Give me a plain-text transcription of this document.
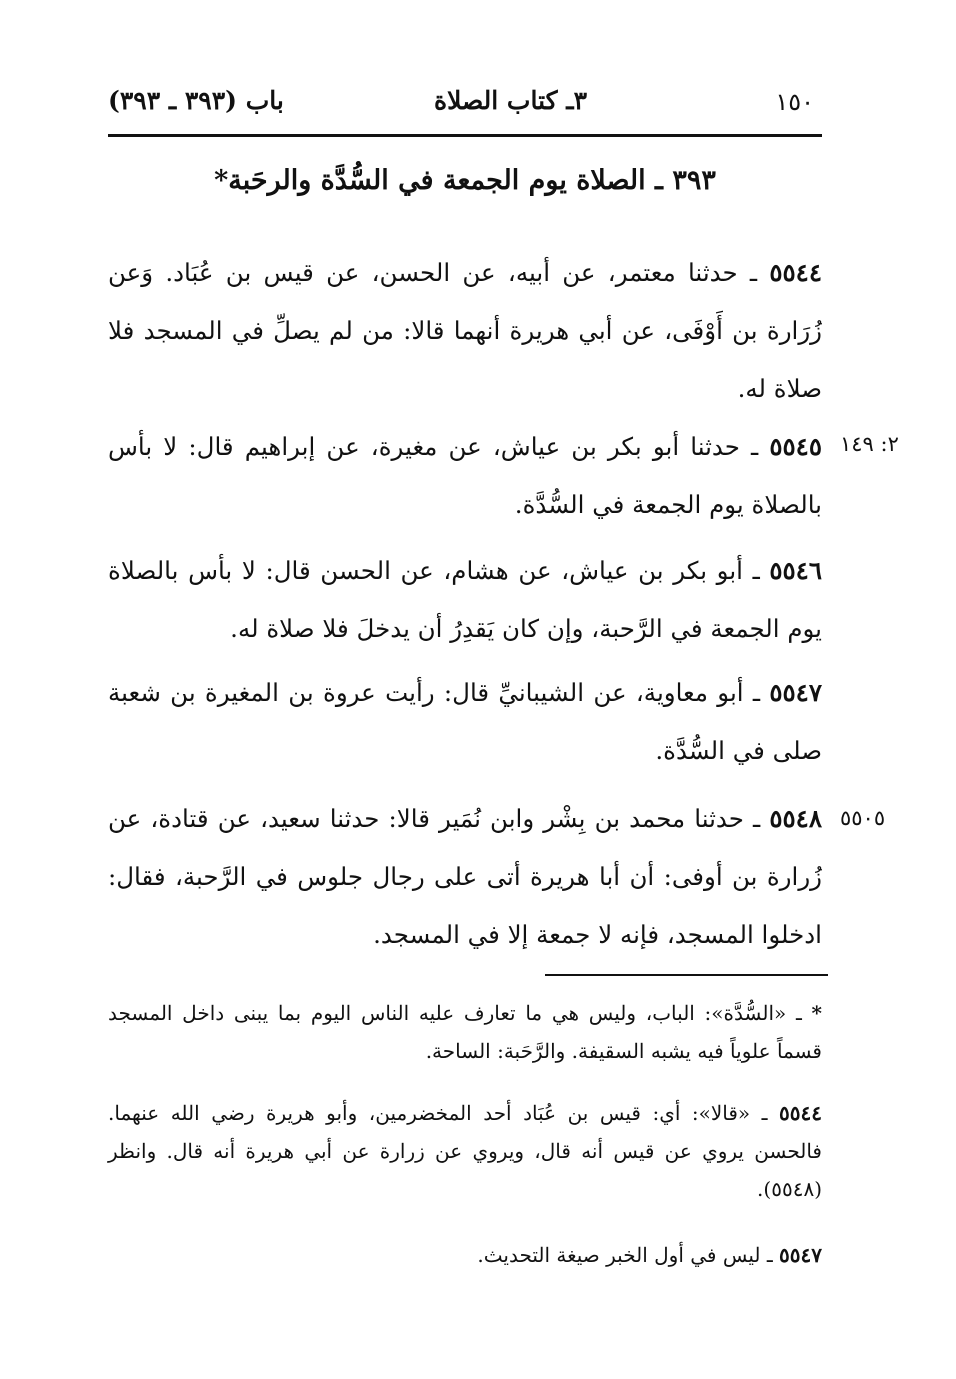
١٥٠
٣ـ كتاب الصلاة
باب (٣٩٣ ـ ٣٩٣)
٣٩٣ ـ الصلاة يوم الجمعة في السُّدَّة والرحَبة*
٥٥٤٤ ـ حدثنا معتمر، عن أبيه، عن الحسن، عن قيس بن عُبَاد. وَعن زُرَارة بن أَوْفَى، عن أبي هريرة أنهما قالا: من لم يصلِّ في المسجد فلا صلاة له.
٢: ١٤٩
٥٥٤٥ ـ حدثنا أبو بكر بن عياش، عن مغيرة، عن إبراهيم قال: لا بأس بالصلاة يوم الجمعة في السُّدَّة.
٥٥٤٦ ـ أبو بكر بن عياش، عن هشام، عن الحسن قال: لا بأس بالصلاة يوم الجمعة في الرَّحبة، وإن كان يَقدِرُ أن يدخلَ فلا صلاة له.
٥٥٤٧ ـ أبو معاوية، عن الشيبانيِّ قال: رأيت عروة بن المغيرة بن شعبة صلى في السُّدَّة.
٥٥٠٥
٥٥٤٨ ـ حدثنا محمد بن بِشْر وابن نُمَير قالا: حدثنا سعيد، عن قتادة، عن زُرارة بن أوفى: أن أبا هريرة أتى على رجال جلوس في الرَّحبة، فقال: ادخلوا المسجد، فإنه لا جمعة إلا في المسجد.
* ـ «السُّدَّة»: الباب، وليس هي ما تعارف عليه الناس اليوم بما يبنى داخل المسجد قسماً علوياً فيه يشبه السقيفة. والرَّحَبة: الساحة.
٥٥٤٤ ـ «قالا»: أي: قيس بن عُبَاد أحد المخضرمين، وأبو هريرة رضي الله عنهما. فالحسن يروي عن قيس أنه قال، ويروي عن زرارة عن أبي هريرة أنه قال. وانظر (٥٥٤٨).
٥٥٤٧ ـ ليس في أول الخبر صيغة التحديث.
